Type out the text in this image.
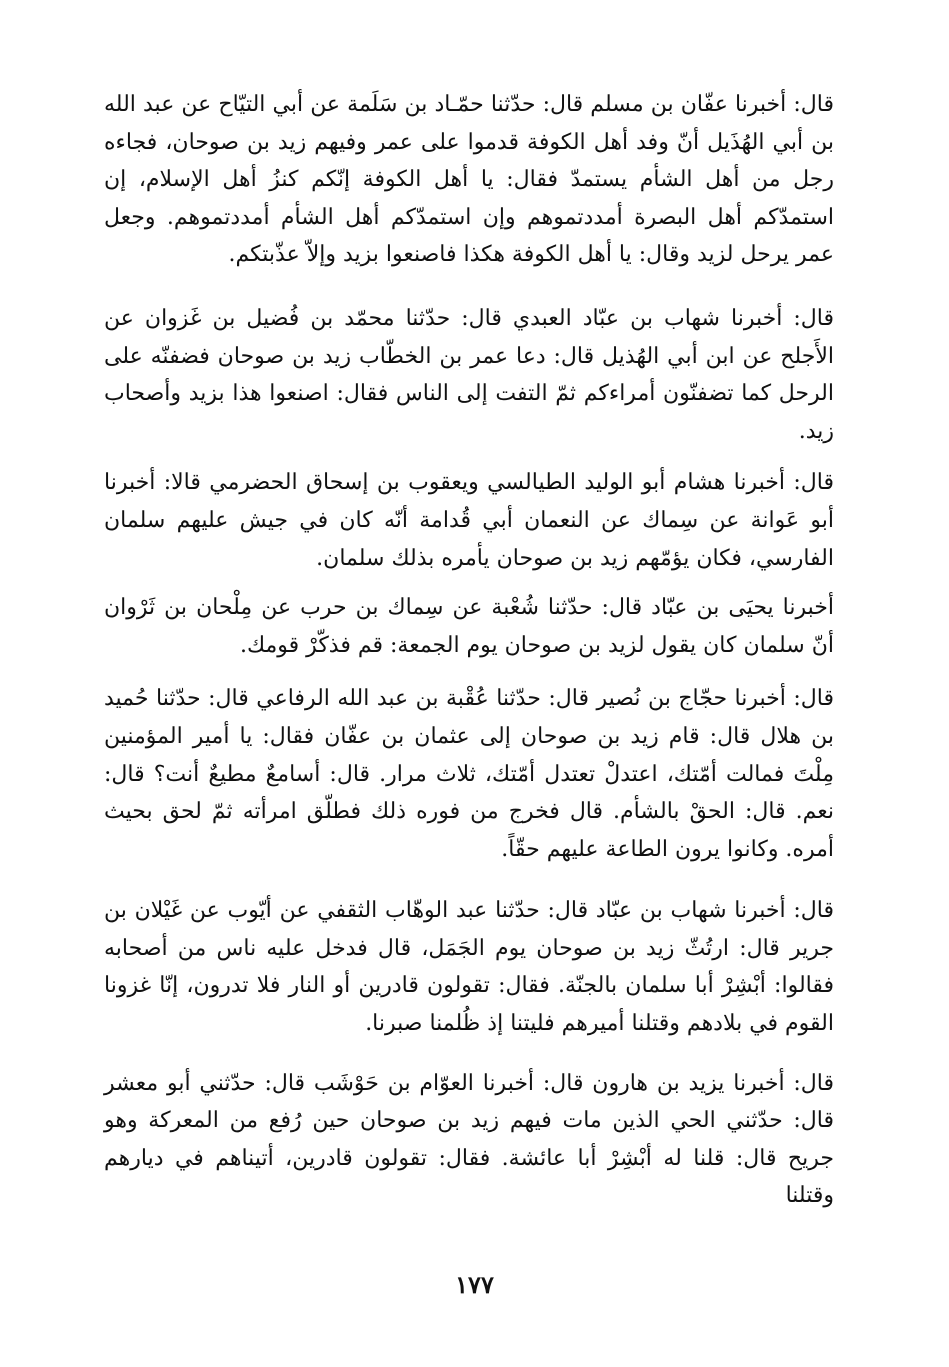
قال: أخبرنا عفّان بن مسلم قال: حدّثنا حمّـاد بن سَلَمة عن أبي التيّاح عن عبد الله بن أبي الهُذَيل أنّ وفد أهل الكوفة قدموا على عمر وفيهم زيد بن صوحان، فجاءه رجل من أهل الشأم يستمدّ فقال: يا أهل الكوفة إنّكم كنزُ أهل الإسلام، إن استمدّكم أهل البصرة أمددتموهم وإن استمدّكم أهل الشأم أمددتموهم. وجعل عمر يرحل لزيد وقال: يا أهل الكوفة هكذا فاصنعوا بزيد وإلاّ عذّبتكم.

قال: أخبرنا شهاب بن عبّاد العبدي قال: حدّثنا محمّد بن فُضيل بن غَزوان عن الأَجلح عن ابن أبي الهُذيل قال: دعا عمر بن الخطّاب زيد بن صوحان فضفنّه على الرحل كما تضفنّون أمراءكم ثمّ التفت إلى الناس فقال: اصنعوا هذا بزيد وأصحاب زيد.

قال: أخبرنا هشام أبو الوليد الطيالسي ويعقوب بن إسحاق الحضرمي قالا: أخبرنا أبو عَوانة عن سِماك عن النعمان أبي قُدامة أنّه كان في جيش عليهم سلمان الفارسي، فكان يؤمّهم زيد بن صوحان يأمره بذلك سلمان.

أخبرنا يحيَى بن عبّاد قال: حدّثنا شُعْبة عن سِماك بن حرب عن مِلْحان بن ثَرْوان أنّ سلمان كان يقول لزيد بن صوحان يوم الجمعة: قم فذكّرْ قومك.

قال: أخبرنا حجّاج بن نُصير قال: حدّثنا عُقْبة بن عبد الله الرفاعي قال: حدّثنا حُميد بن هلال قال: قام زيد بن صوحان إلى عثمان بن عفّان فقال: يا أمير المؤمنين مِلْتَ فمالت أمّتك، اعتدلْ تعتدل أمّتك، ثلاث مرار. قال: أسامعٌ مطيعٌ أنت؟ قال: نعم. قال: الحقْ بالشأم. قال فخرج من فوره ذلك فطلّق امرأته ثمّ لحق بحيث أمره. وكانوا يرون الطاعة عليهم حقّاً.

قال: أخبرنا شهاب بن عبّاد قال: حدّثنا عبد الوهّاب الثقفي عن أيّوب عن غَيْلان بن جرير قال: ارتُثّ زيد بن صوحان يوم الجَمَل، قال فدخل عليه ناس من أصحابه فقالوا: أبْشِرْ أبا سلمان بالجنّة. فقال: تقولون قادرين أو النار فلا تدرون، إنّا غزونا القوم في بلادهم وقتلنا أميرهم فليتنا إذ ظُلمنا صبرنا.

قال: أخبرنا يزيد بن هارون قال: أخبرنا العوّام بن حَوْشَب قال: حدّثني أبو معشر قال: حدّثني الحي الذين مات فيهم زيد بن صوحان حين رُفع من المعركة وهو جريح قال: قلنا له أبْشِرْ أبا عائشة. فقال: تقولون قادرين، أتيناهم في ديارهم وقتلنا

١٧٧
